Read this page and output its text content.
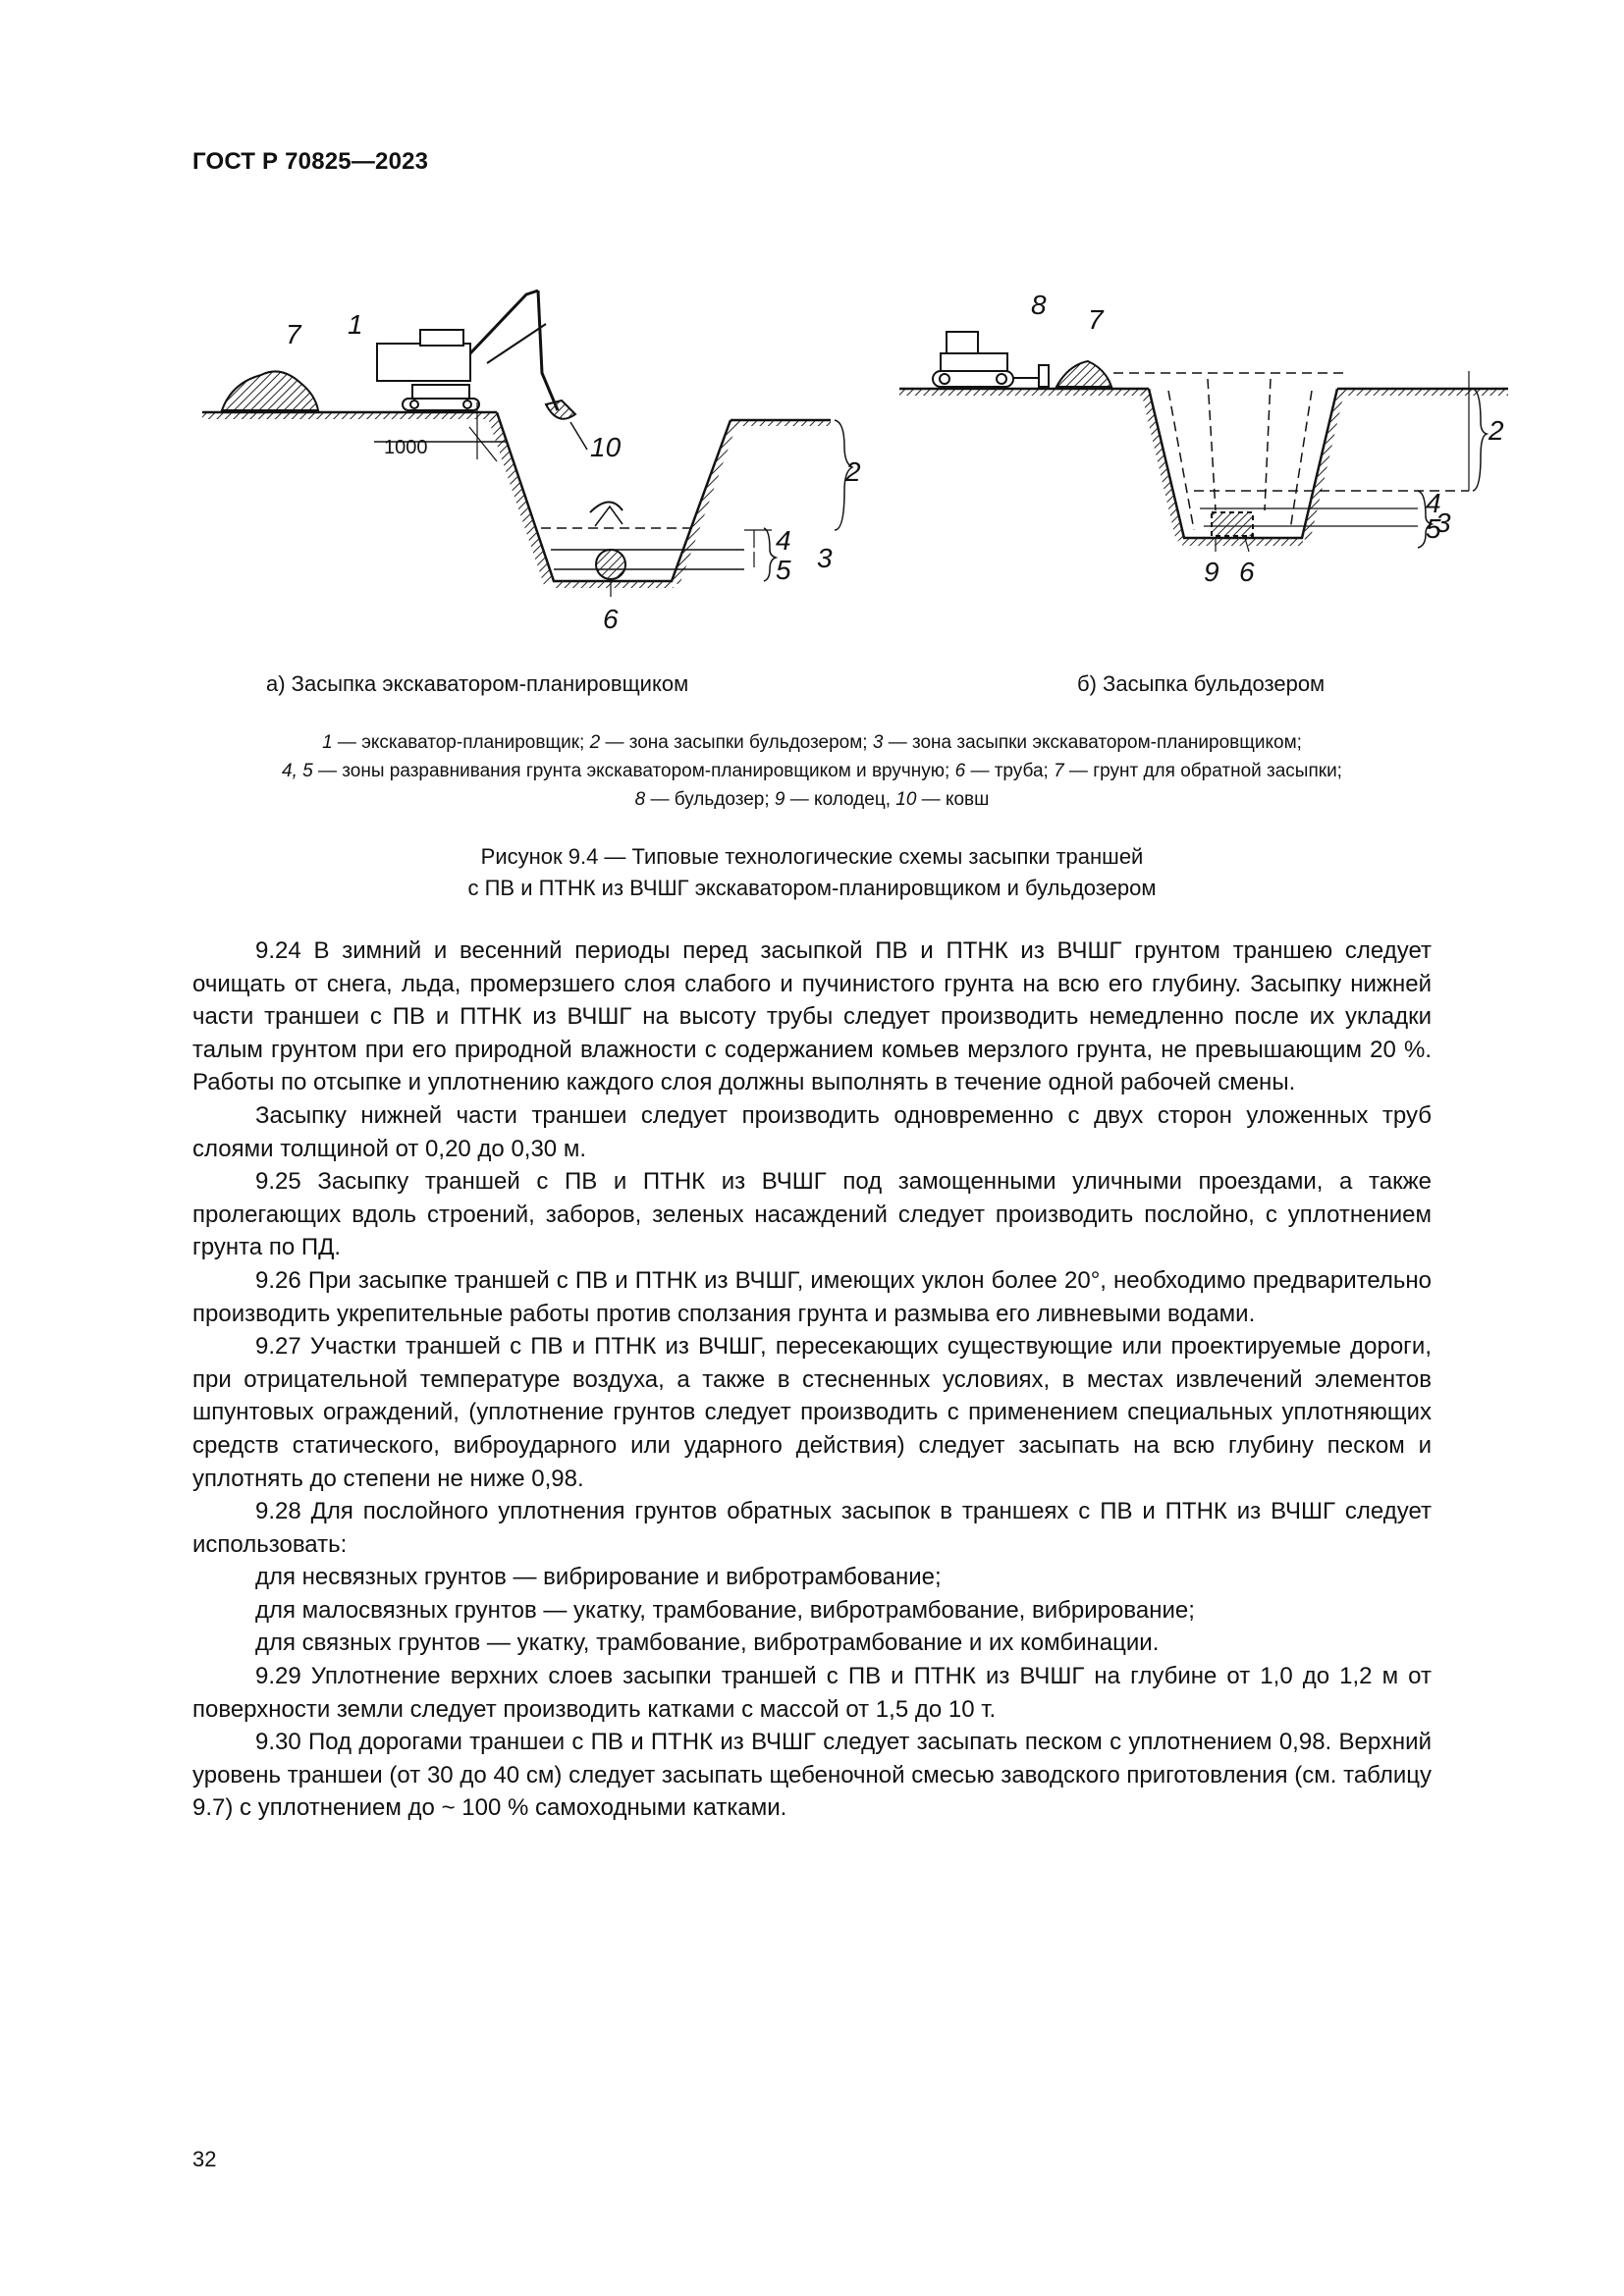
ГОСТ Р 70825—2023
7 1
10
2
4
5 3
6
1000
8 7
2
4
5
3
9 6
а) Засыпка экскаватором-планировщиком	б) Засыпка бульдозером
1 — экскаватор-планировщик; 2 — зона засыпки бульдозером; 3 — зона засыпки экскаватором-планировщиком;
4, 5 — зоны разравнивания грунта экскаватором-планировщиком и вручную; 6 — труба; 7 — грунт для обратной засыпки;
8 — бульдозер; 9 — колодец, 10 — ковш
Рисунок 9.4 — Типовые технологические схемы засыпки траншей
с ПВ и ПТНК из ВЧШГ экскаватором-планировщиком и бульдозером

9.24 В зимний и весенний периоды перед засыпкой ПВ и ПТНК из ВЧШГ грунтом траншею следует очищать от снега, льда, промерзшего слоя слабого и пучинистого грунта на всю его глубину. Засыпку нижней части траншеи с ПВ и ПТНК из ВЧШГ на высоту трубы следует производить немедленно после их укладки талым грунтом при его природной влажности с содержанием комьев мерзлого грунта, не превышающим 20 %. Работы по отсыпке и уплотнению каждого слоя должны выполнять в течение одной рабочей смены.

Засыпку нижней части траншеи следует производить одновременно с двух сторон уложенных труб слоями толщиной от 0,20 до 0,30 м.

9.25 Засыпку траншей с ПВ и ПТНК из ВЧШГ под замощенными уличными проездами, а также пролегающих вдоль строений, заборов, зеленых насаждений следует производить послойно, с уплотнением грунта по ПД.

9.26 При засыпке траншей с ПВ и ПТНК из ВЧШГ, имеющих уклон более 20°, необходимо предварительно производить укрепительные работы против сползания грунта и размыва его ливневыми водами.

9.27 Участки траншей с ПВ и ПТНК из ВЧШГ, пересекающих существующие или проектируемые дороги, при отрицательной температуре воздуха, а также в стесненных условиях, в местах извлечений элементов шпунтовых ограждений, (уплотнение грунтов следует производить с применением специальных уплотняющих средств статического, виброударного или ударного действия) следует засыпать на всю глубину песком и уплотнять до степени не ниже 0,98.

9.28 Для послойного уплотнения грунтов обратных засыпок в траншеях с ПВ и ПТНК из ВЧШГ следует использовать:

для несвязных грунтов — вибрирование и вибротрамбование;

для малосвязных грунтов — укатку, трамбование, вибротрамбование, вибрирование;

для связных грунтов — укатку, трамбование, вибротрамбование и их комбинации.

9.29 Уплотнение верхних слоев засыпки траншей с ПВ и ПТНК из ВЧШГ на глубине от 1,0 до 1,2 м от поверхности земли следует производить катками с массой от 1,5 до 10 т.

9.30 Под дорогами траншеи с ПВ и ПТНК из ВЧШГ следует засыпать песком с уплотнением 0,98. Верхний уровень траншеи (от 30 до 40 см) следует засыпать щебеночной смесью заводского приготовления (см. таблицу 9.7) с уплотнением до ~ 100 % самоходными катками.

32
